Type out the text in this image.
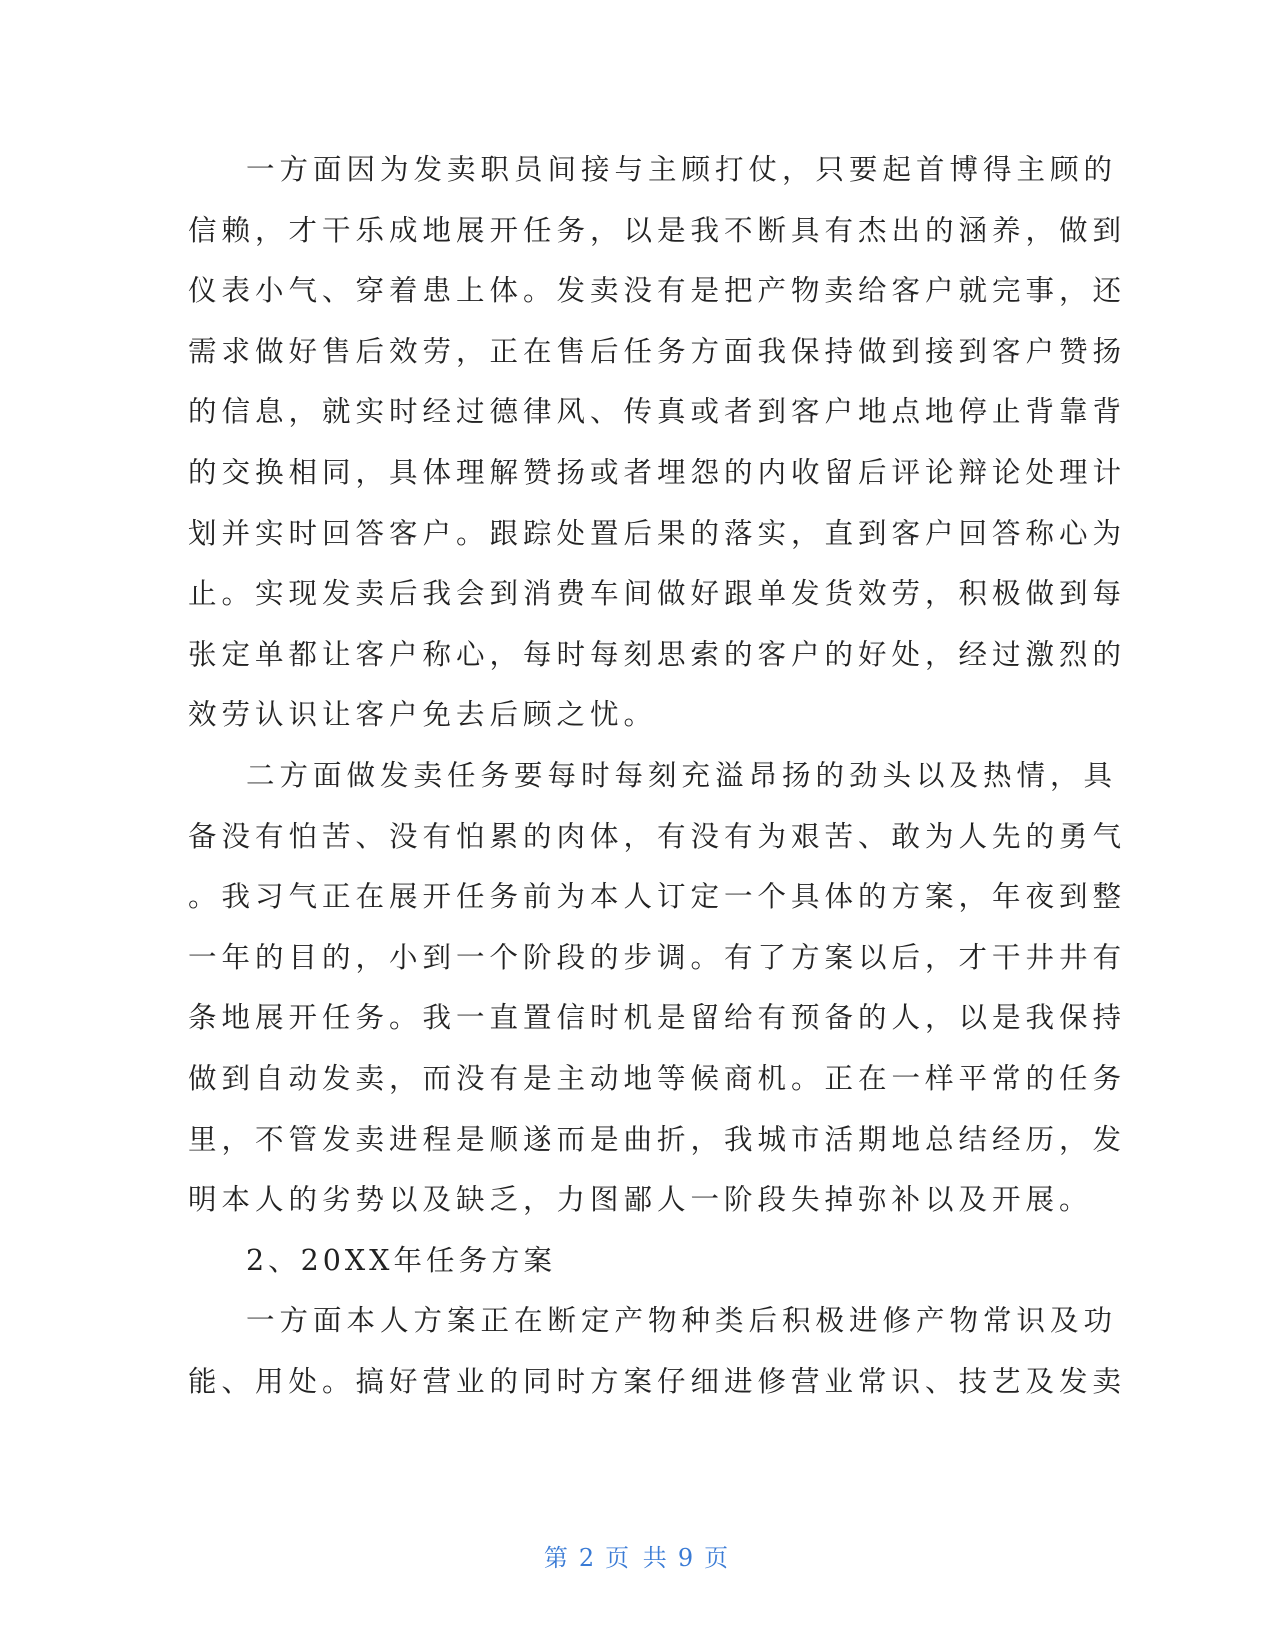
一方面因为发卖职员间接与主顾打仗，只要起首博得主顾的
信赖，才干乐成地展开任务，以是我不断具有杰出的涵养，做到
仪表小气、穿着患上体。发卖没有是把产物卖给客户就完事，还
需求做好售后效劳，正在售后任务方面我保持做到接到客户赞扬
的信息，就实时经过德律风、传真或者到客户地点地停止背靠背
的交换相同，具体理解赞扬或者埋怨的内收留后评论辩论处理计
划并实时回答客户。跟踪处置后果的落实，直到客户回答称心为
止。实现发卖后我会到消费车间做好跟单发货效劳，积极做到每
张定单都让客户称心，每时每刻思索的客户的好处，经过激烈的
效劳认识让客户免去后顾之忧。
二方面做发卖任务要每时每刻充溢昂扬的劲头以及热情，具
备没有怕苦、没有怕累的肉体，有没有为艰苦、敢为人先的勇气
。我习气正在展开任务前为本人订定一个具体的方案，年夜到整
一年的目的，小到一个阶段的步调。有了方案以后，才干井井有
条地展开任务。我一直置信时机是留给有预备的人，以是我保持
做到自动发卖，而没有是主动地等候商机。正在一样平常的任务
里，不管发卖进程是顺遂而是曲折，我城市活期地总结经历，发
明本人的劣势以及缺乏，力图鄙人一阶段失掉弥补以及开展。
2、20XX年任务方案
一方面本人方案正在断定产物种类后积极进修产物常识及功
能、用处。搞好营业的同时方案仔细进修营业常识、技艺及发卖
第 2 页 共 9 页
